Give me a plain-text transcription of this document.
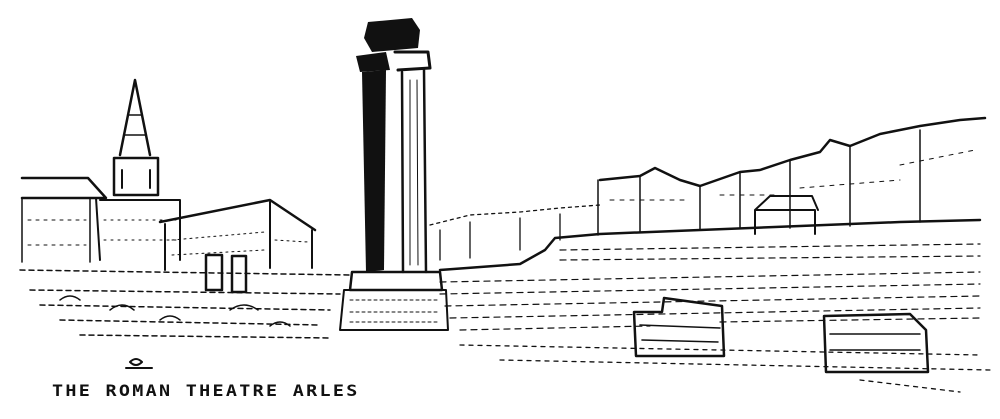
THE ROMAN THEATRE ARLES
